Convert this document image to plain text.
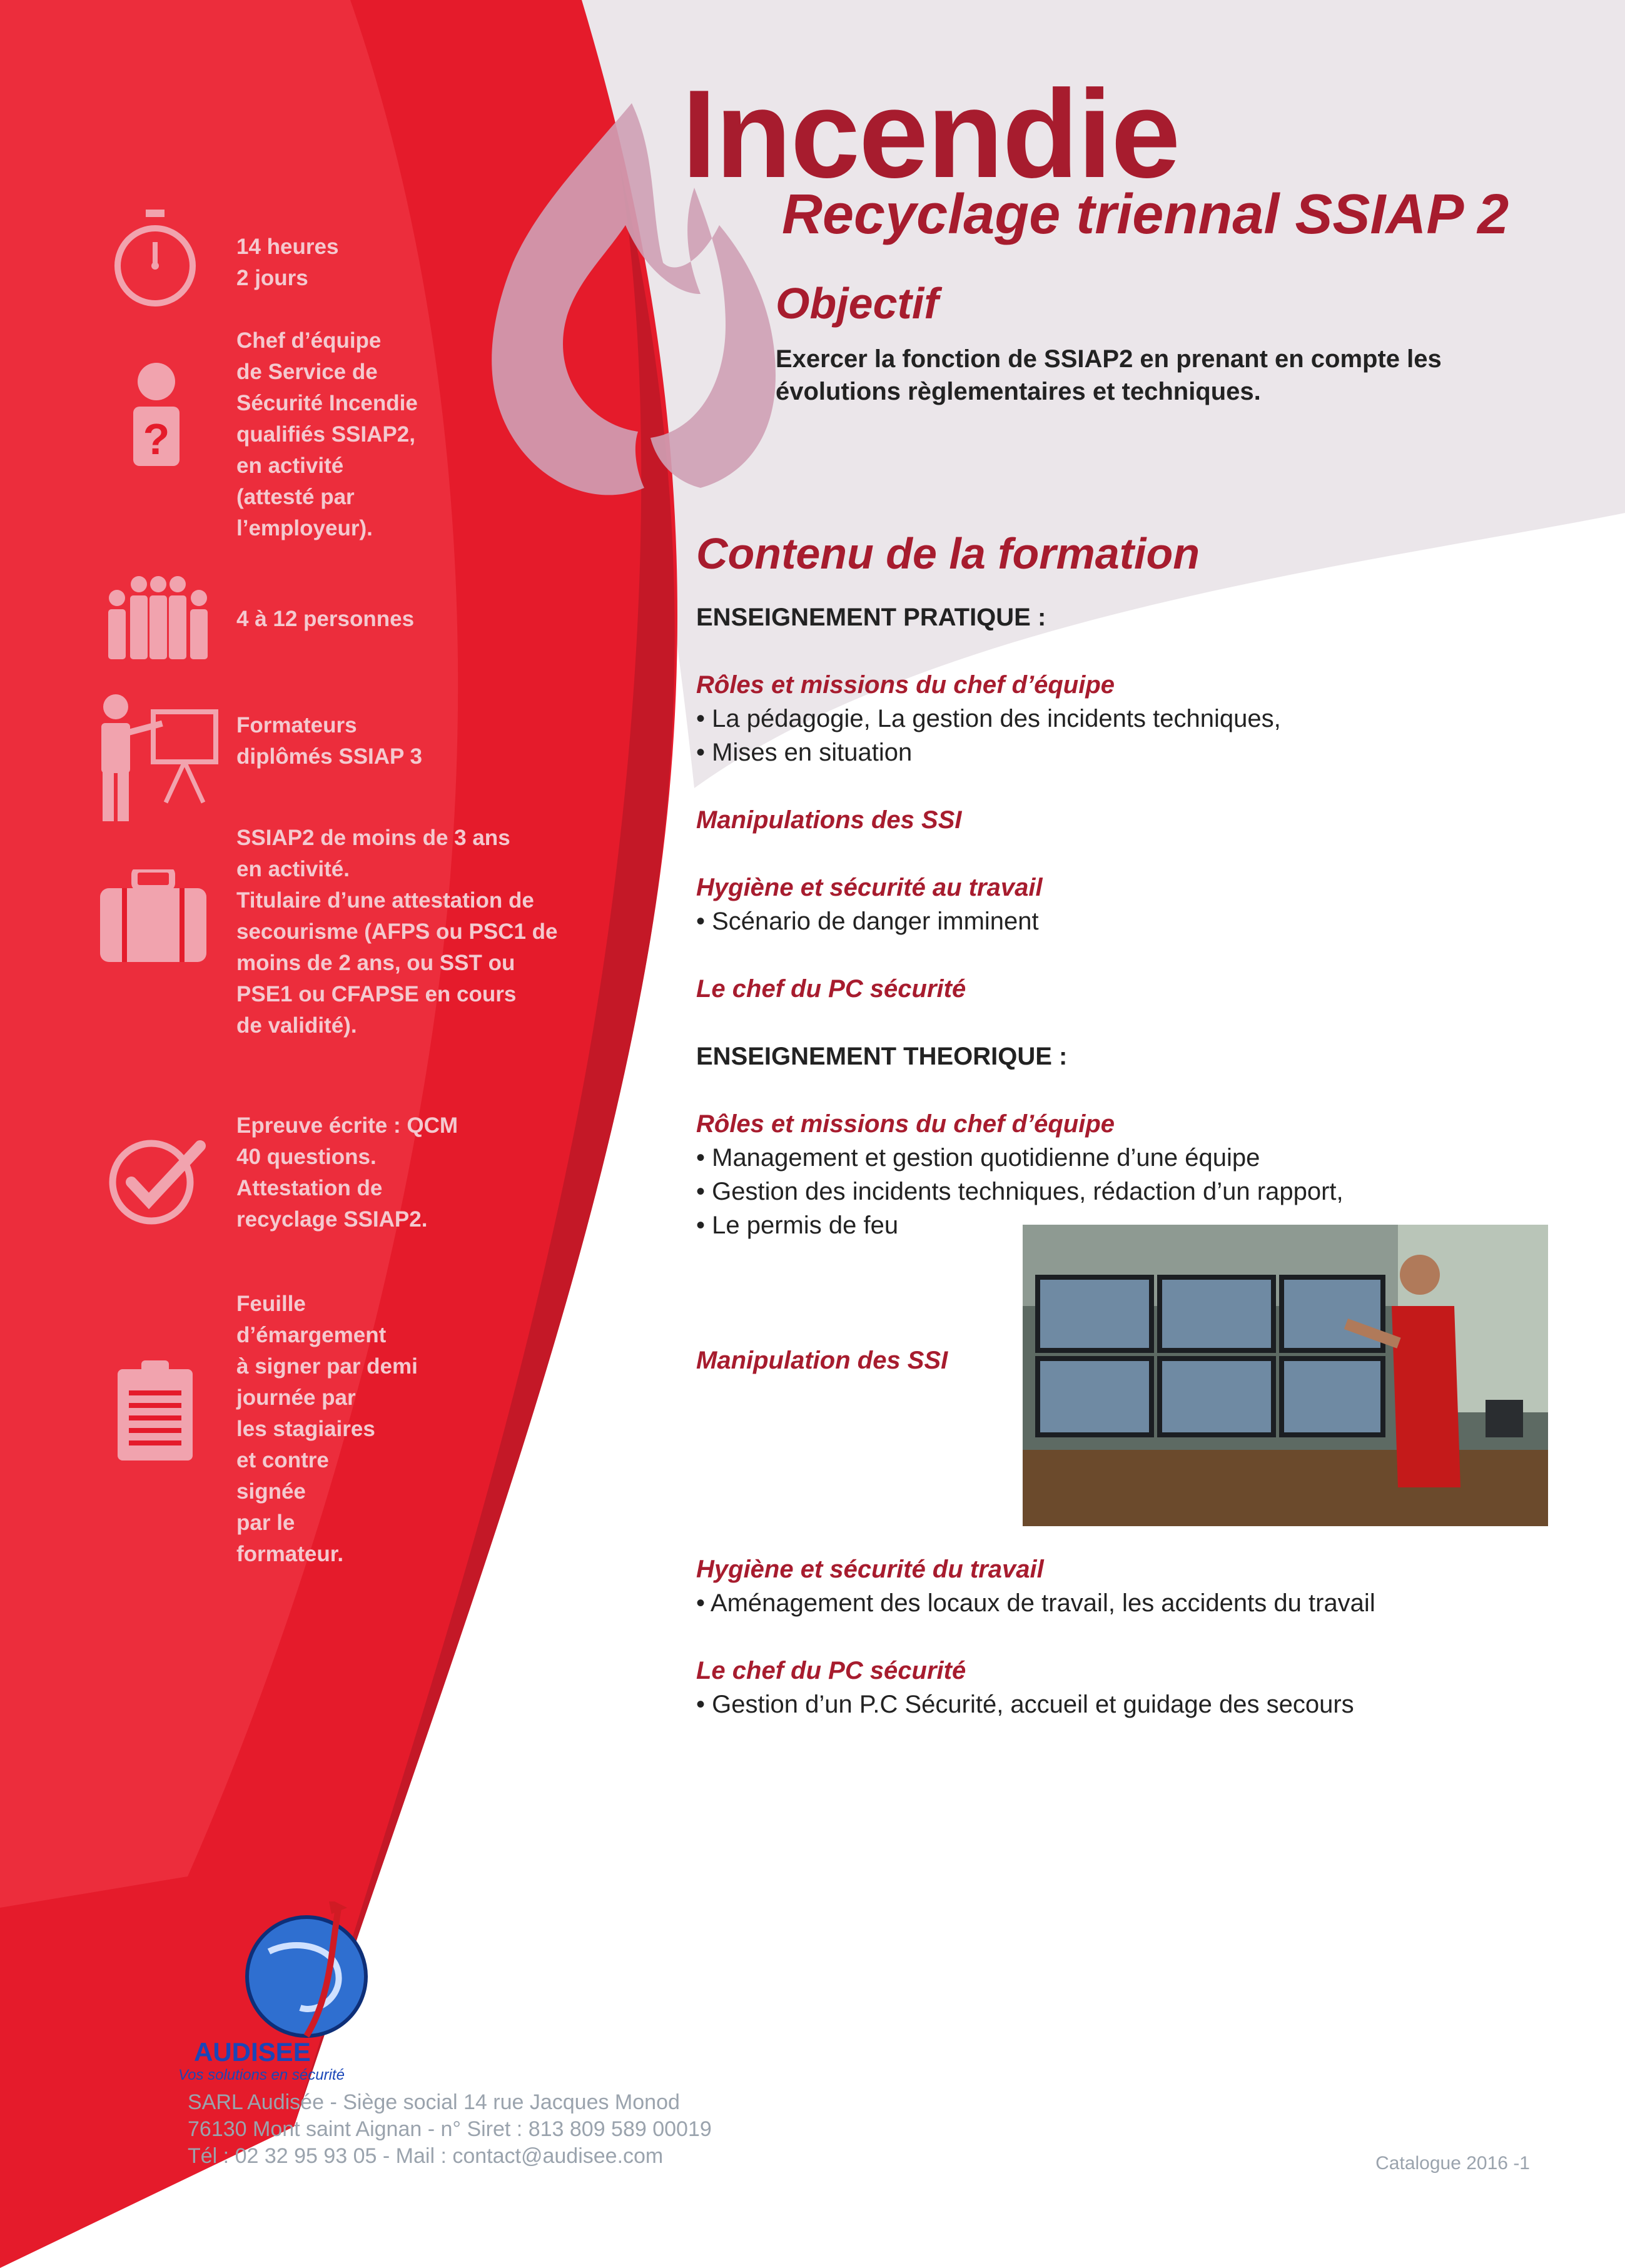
Incendie
Recyclage triennal SSIAP 2
Objectif
Exercer la fonction de SSIAP2 en prenant en compte les évolutions règlementaires et techniques.
?
14 heures
2 jours
Chef d’équipe
de Service de
Sécurité Incendie
qualifiés SSIAP2,
en activité
(attesté par
l’employeur).
4 à 12 personnes
Formateurs
diplômés SSIAP 3
SSIAP2 de moins de 3 ans
en activité.
Titulaire d’une attestation de
secourisme (AFPS ou PSC1 de
moins de 2 ans, ou SST ou
PSE1 ou CFAPSE en cours
de validité).
Epreuve écrite : QCM
40 questions.
Attestation de
recyclage SSIAP2.
Feuille
d’émargement
à signer par demi
journée par
les stagiaires
et contre
signée
par le
formateur.
Contenu de la formation
ENSEIGNEMENT PRATIQUE :
Rôles et missions du chef d’équipe
• La pédagogie, La gestion des incidents techniques,
• Mises en situation
Manipulations des SSI
Hygiène et sécurité au travail
• Scénario de danger imminent
Le chef du PC sécurité
ENSEIGNEMENT THEORIQUE :
Rôles et missions du chef d’équipe
• Management et gestion quotidienne d’une équipe
• Gestion des incidents techniques, rédaction d’un rapport,
• Le permis de feu
Manipulation des SSI
Hygiène et sécurité du travail
• Aménagement des locaux de travail, les accidents du travail
Le chef du PC sécurité
• Gestion d’un P.C Sécurité, accueil et guidage des secours
AUDISEE
Vos solutions en sécurité
SARL Audisée - Siège social 14 rue Jacques Monod
76130 Mont saint Aignan - n° Siret : 813 809 589 00019
Tél : 02 32 95 93 05 - Mail : contact@audisee.com	Catalogue 2016 -1
